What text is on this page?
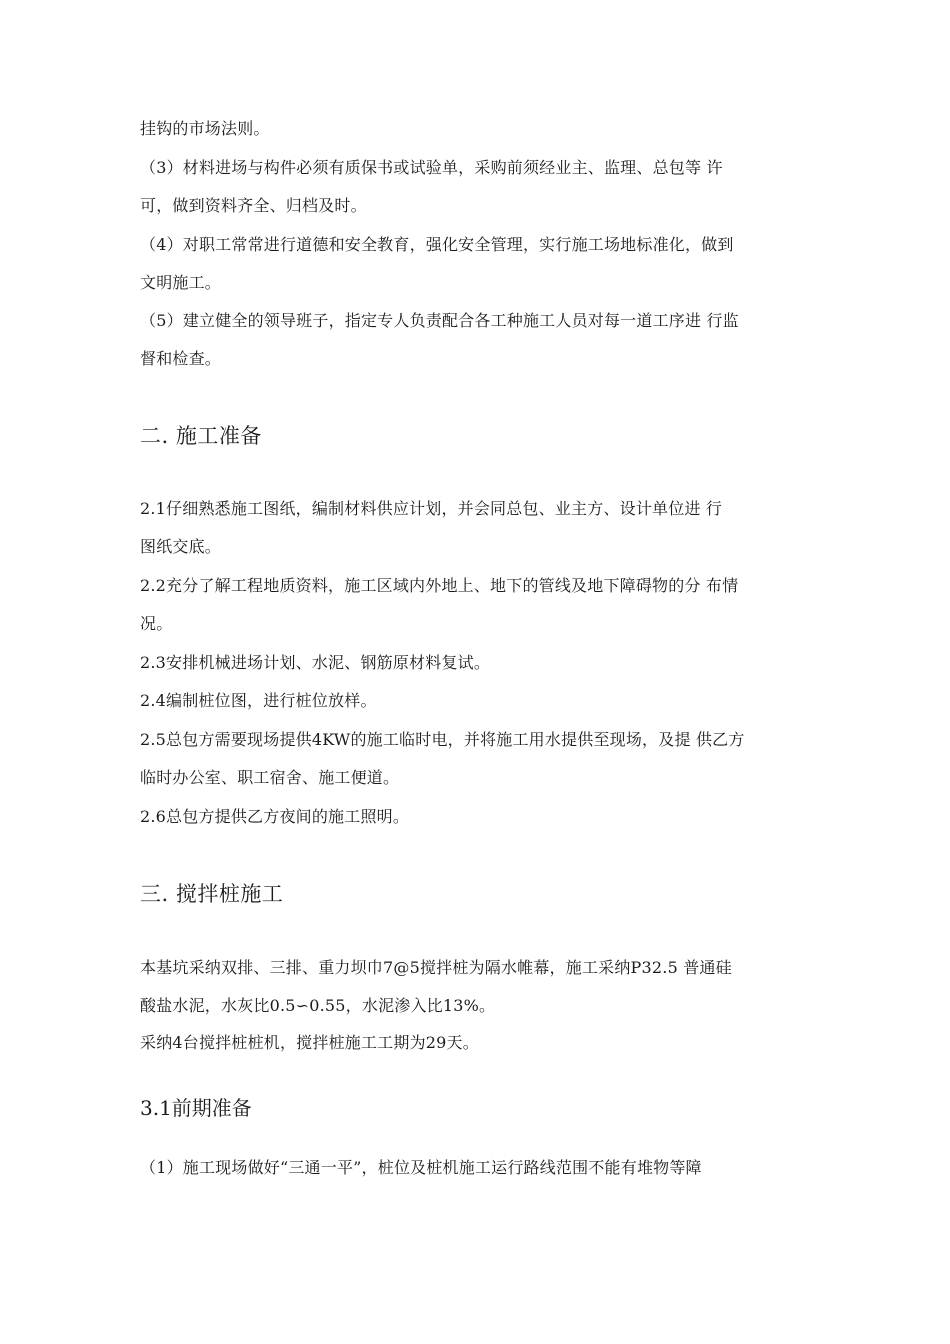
挂钩的市场法则。
（3）材料进场与构件必须有质保书或试验单，采购前须经业主、监理、总包等 许
可，做到资料齐全、归档及时。
（4）对职工常常进行道德和安全教育，强化安全管理，实行施工场地标准化，做到
文明施工。
（5）建立健全的领导班子，指定专人负责配合各工种施工人员对每一道工序进 行监
督和检查。
二. 施工准备
2.1仔细熟悉施工图纸，编制材料供应计划，并会同总包、业主方、设计单位进 行
图纸交底。
2.2充分了解工程地质资料，施工区域内外地上、地下的管线及地下障碍物的分 布情
况。
2.3安排机械进场计划、水泥、钢筋原材料复试。
2.4编制桩位图，进行桩位放样。
2.5总包方需要现场提供4KW的施工临时电，并将施工用水提供至现场，及提 供乙方
临时办公室、职工宿舍、施工便道。
2.6总包方提供乙方夜间的施工照明。
三. 搅拌桩施工
本基坑采纳双排、三排、重力坝巾7@5搅拌桩为隔水帷幕，施工采纳P32.5 普通硅
酸盐水泥，水灰比0.5∽0.55，水泥渗入比13%。
采纳4台搅拌桩桩机，搅拌桩施工工期为29天。
3.1前期准备
（1）施工现场做好“三通一平”，桩位及桩机施工运行路线范围不能有堆物等障
